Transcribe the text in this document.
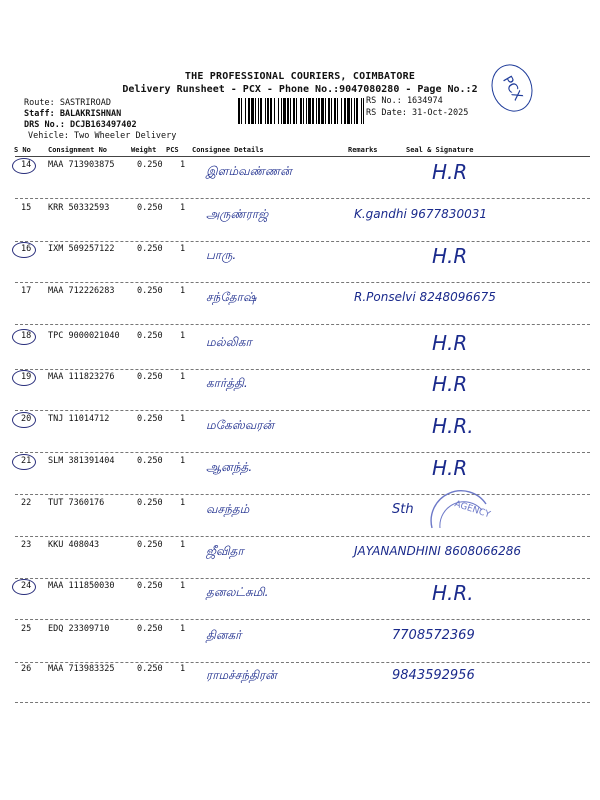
PCX
THE PROFESSIONAL COURIERS, COIMBATORE
Delivery Runsheet - PCX - Phone No.:9047080280 - Page No.:2
Route: SASTRIROAD
Staff: BALAKRISHNAN
DRS No.: DCJB163497402
Vehicle: Two Wheeler Delivery
RS No.: 1634974
RS Date: 31-Oct-2025
S No Consignment No	Weight PCS Consignee Details	Remarks	Seal & Signature
14 MAA 713903875	0.250 1 இளம்வண்ணன்	H.R
15 KRR 50332593	0.250 1 அருண்ராஜ்	K.gandhi 9677830031
16 IXM 509257122	0.250 1 பாரு.	H.R
17 MAA 712226283	0.250 1 சந்தோஷ்	R.Ponselvi 8248096675
18 TPC 9000021040 0.250 1 மல்லிகா	H.R
19 MAA 111823276	0.250 1 கார்த்தி.	H.R
20 TNJ 11014712	0.250 1 மகேஸ்வரன்	H.R.
21 SLM 381391404	0.250 1 ஆனந்த்.	H.R
22 TUT 7360176	0.250 1 வசந்தம்	Sth
23 KKU 408043	0.250 1 ஜீவிதா	JAYANANDHINI 8608066286
24 MAA 111850030	0.250 1 தனலட்சுமி.	H.R.
25 EDQ 23309710	0.250 1 தினகர்	7708572369
26 MAA 713983325	0.250 1 ராமச்சந்திரன்	9843592956
AGENCY
